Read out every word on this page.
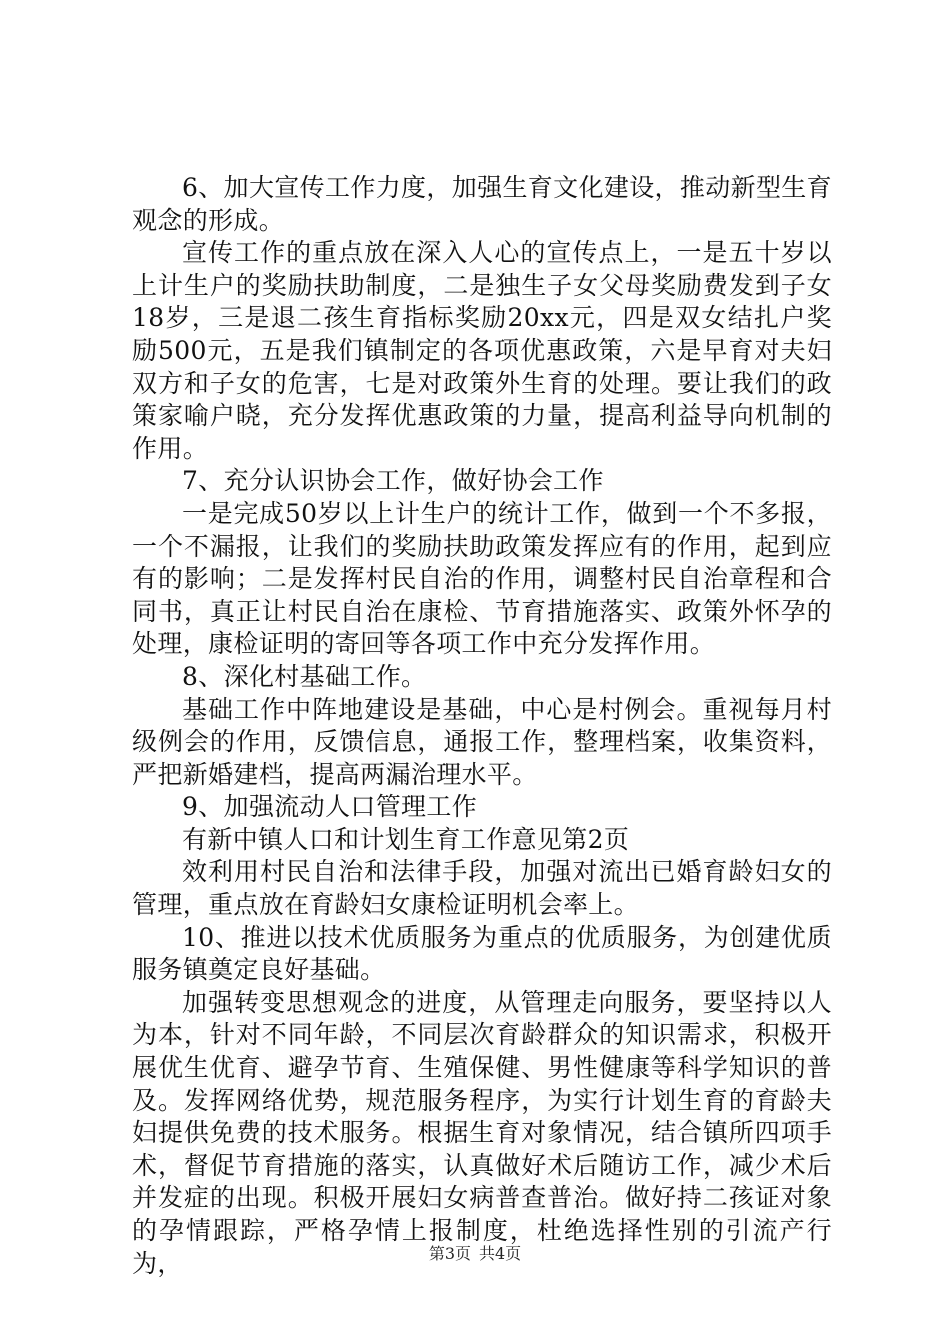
6、加大宣传工作力度，加强生育文化建设，推动新型生育观念的形成。

宣传工作的重点放在深入人心的宣传点上，一是五十岁以上计生户的奖励扶助制度，二是独生子女父母奖励费发到子女18岁，三是退二孩生育指标奖励20xx元，四是双女结扎户奖励500元，五是我们镇制定的各项优惠政策，六是早育对夫妇双方和子女的危害，七是对政策外生育的处理。要让我们的政策家喻户晓，充分发挥优惠政策的力量，提高利益导向机制的作用。

7、充分认识协会工作，做好协会工作

一是完成50岁以上计生户的统计工作，做到一个不多报，一个不漏报，让我们的奖励扶助政策发挥应有的作用，起到应有的影响；二是发挥村民自治的作用，调整村民自治章程和合同书，真正让村民自治在康检、节育措施落实、政策外怀孕的处理，康检证明的寄回等各项工作中充分发挥作用。

8、深化村基础工作。

基础工作中阵地建设是基础，中心是村例会。重视每月村级例会的作用，反馈信息，通报工作，整理档案，收集资料，严把新婚建档，提高两漏治理水平。

9、加强流动人口管理工作

有新中镇人口和计划生育工作意见第2页

效利用村民自治和法律手段，加强对流出已婚育龄妇女的管理，重点放在育龄妇女康检证明机会率上。

10、推进以技术优质服务为重点的优质服务，为创建优质服务镇奠定良好基础。

加强转变思想观念的进度，从管理走向服务，要坚持以人为本，针对不同年龄，不同层次育龄群众的知识需求，积极开展优生优育、避孕节育、生殖保健、男性健康等科学知识的普及。发挥网络优势，规范服务程序，为实行计划生育的育龄夫妇提供免费的技术服务。根据生育对象情况，结合镇所四项手术，督促节育措施的落实，认真做好术后随访工作，减少术后并发症的出现。积极开展妇女病普查普治。做好持二孩证对象的孕情跟踪，严格孕情上报制度，杜绝选择性别的引流产行为，	第3页 共4页
